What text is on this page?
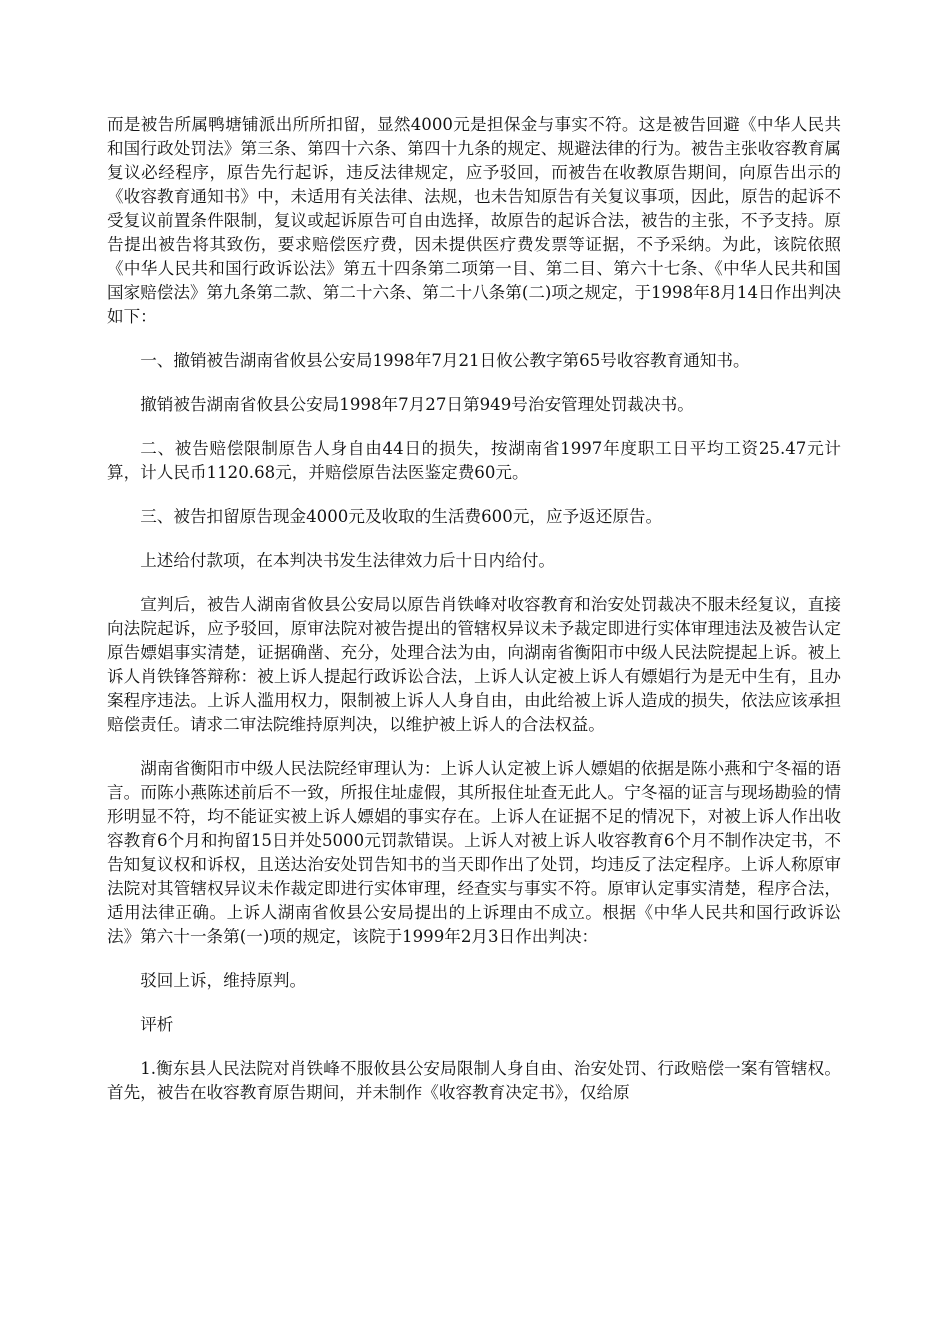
而是被告所属鸭塘铺派出所所扣留，显然4000元是担保金与事实不符。这是被告回避《中华人民共和国行政处罚法》第三条、第四十六条、第四十九条的规定、规避法律的行为。被告主张收容教育属复议必经程序，原告先行起诉，违反法律规定，应予驳回，而被告在收教原告期间，向原告出示的《收容教育通知书》中，未适用有关法律、法规，也未告知原告有关复议事项，因此，原告的起诉不受复议前置条件限制，复议或起诉原告可自由选择，故原告的起诉合法，被告的主张，不予支持。原告提出被告将其致伤，要求赔偿医疗费，因未提供医疗费发票等证据，不予采纳。为此，该院依照《中华人民共和国行政诉讼法》第五十四条第二项第一目、第二目、第六十七条、《中华人民共和国国家赔偿法》第九条第二款、第二十六条、第二十八条第(二)项之规定，于1998年8月14日作出判决如下：

一、撤销被告湖南省攸县公安局1998年7月21日攸公教字第65号收容教育通知书。

撤销被告湖南省攸县公安局1998年7月27日第949号治安管理处罚裁决书。

二、被告赔偿限制原告人身自由44日的损失，按湖南省1997年度职工日平均工资25.47元计算，计人民币1120.68元，并赔偿原告法医鉴定费60元。

三、被告扣留原告现金4000元及收取的生活费600元，应予返还原告。

上述给付款项，在本判决书发生法律效力后十日内给付。

宣判后，被告人湖南省攸县公安局以原告肖铁峰对收容教育和治安处罚裁决不服未经复议，直接向法院起诉，应予驳回，原审法院对被告提出的管辖权异议未予裁定即进行实体审理违法及被告认定原告嫖娼事实清楚，证据确凿、充分，处理合法为由，向湖南省衡阳市中级人民法院提起上诉。被上诉人肖铁锋答辩称：被上诉人提起行政诉讼合法，上诉人认定被上诉人有嫖娼行为是无中生有，且办案程序违法。上诉人滥用权力，限制被上诉人人身自由，由此给被上诉人造成的损失，依法应该承担赔偿责任。请求二审法院维持原判决，以维护被上诉人的合法权益。

湖南省衡阳市中级人民法院经审理认为：上诉人认定被上诉人嫖娼的依据是陈小燕和宁冬福的语言。而陈小燕陈述前后不一致，所报住址虚假，其所报住址查无此人。宁冬福的证言与现场勘验的情形明显不符，均不能证实被上诉人嫖娼的事实存在。上诉人在证据不足的情况下，对被上诉人作出收容教育6个月和拘留15日并处5000元罚款错误。上诉人对被上诉人收容教育6个月不制作决定书，不告知复议权和诉权，且送达治安处罚告知书的当天即作出了处罚，均违反了法定程序。上诉人称原审法院对其管辖权异议未作裁定即进行实体审理，经查实与事实不符。原审认定事实清楚，程序合法，适用法律正确。上诉人湖南省攸县公安局提出的上诉理由不成立。根据《中华人民共和国行政诉讼法》第六十一条第(一)项的规定，该院于1999年2月3日作出判决：

驳回上诉，维持原判。

评析

1.衡东县人民法院对肖铁峰不服攸县公安局限制人身自由、治安处罚、行政赔偿一案有管辖权。首先，被告在收容教育原告期间，并未制作《收容教育决定书》，仅给原
